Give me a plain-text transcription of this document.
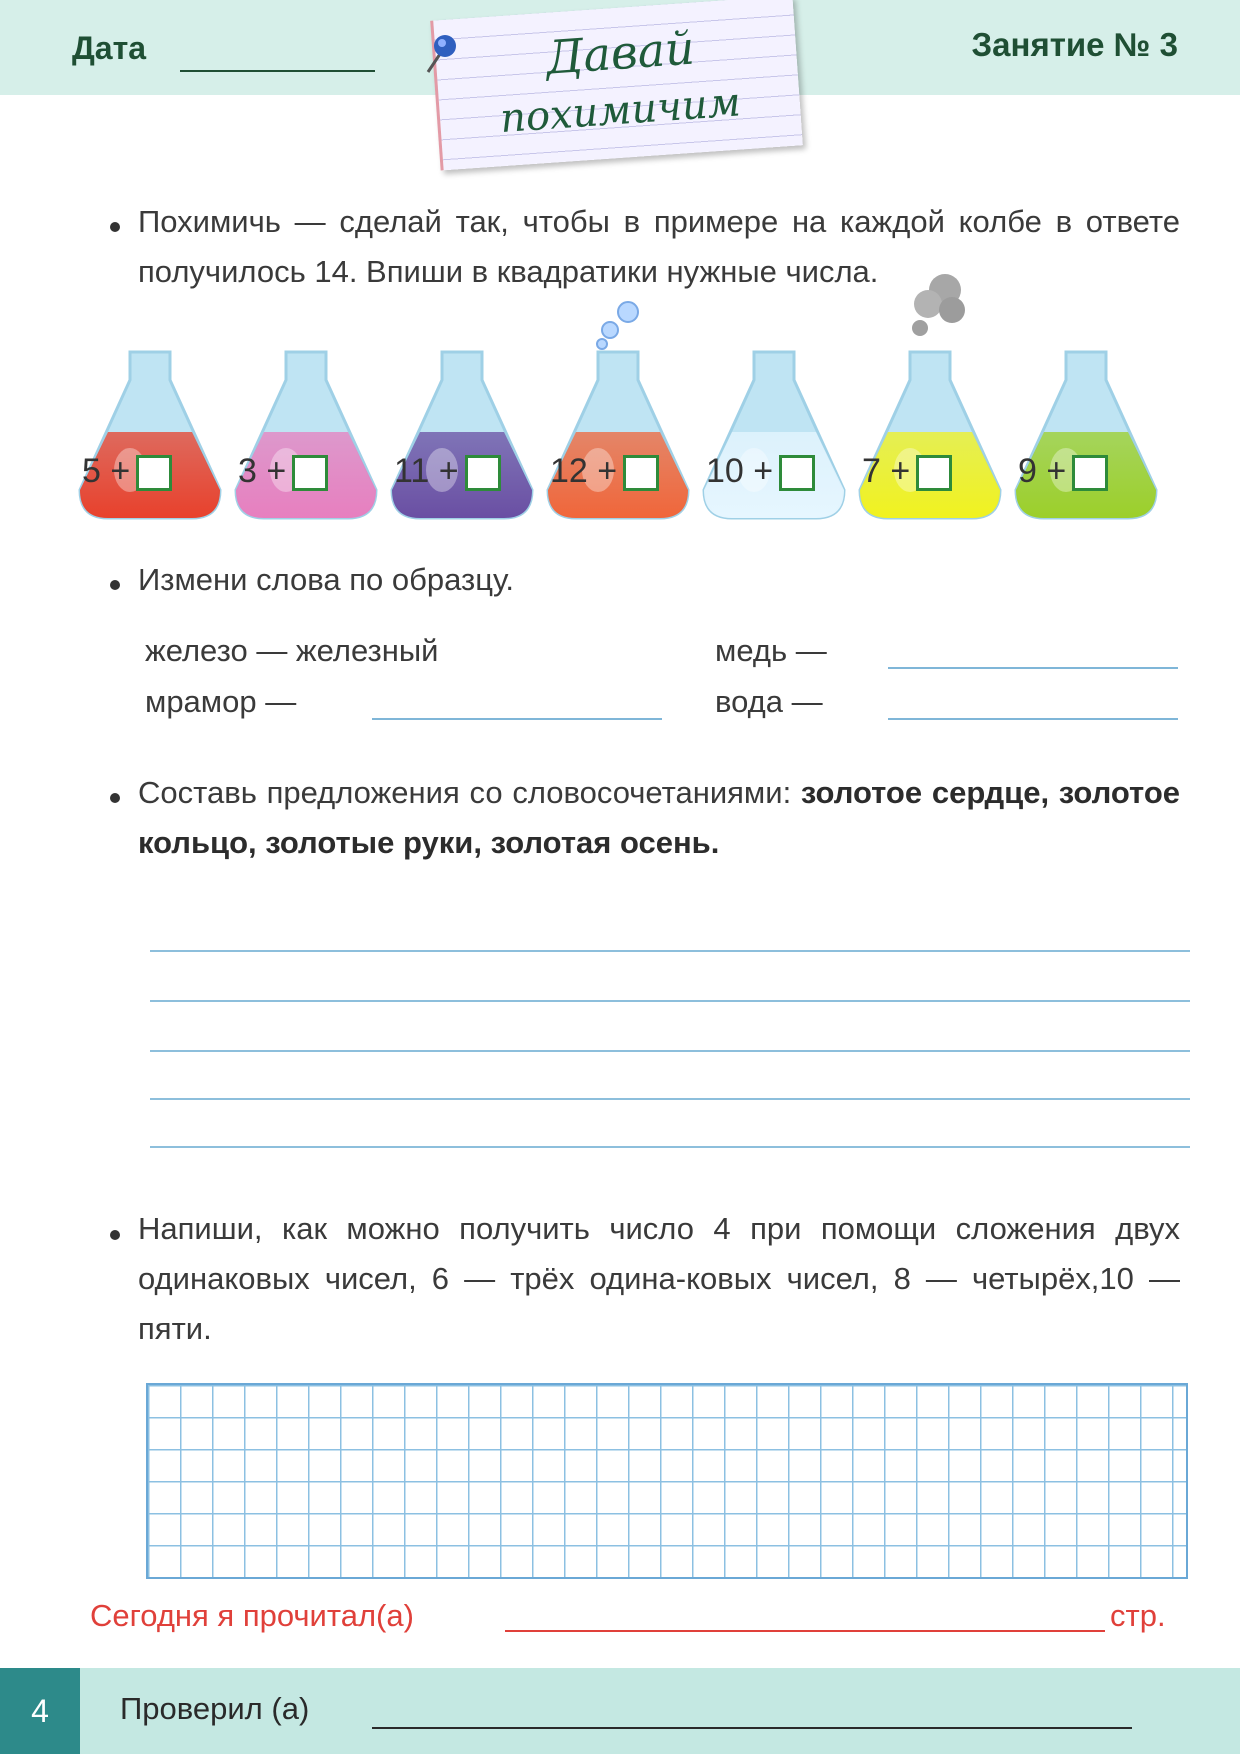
Дата	Занятие № 3
Давай
похимичим
Похимичь — сделай так, чтобы в примере на каждой колбе в ответе получилось 14. Впиши в квадратики нужные числа.
5 +	3 +	11 +	12 +	10 +	7 +	9 +
Измени слова по образцу.
железо — железный	медь —
мрамор —	вода —
Составь предложения со словосочетаниями: золотое сердце, золотое кольцо, золотые руки, золотая осень.
Напиши, как можно получить число 4 при помощи сложения двух одинаковых чисел, 6 — трёх одина-ковых чисел, 8 — четырёх,10 — пяти.
Сегодня я прочитал(а)	стр.
4	Проверил (а)
